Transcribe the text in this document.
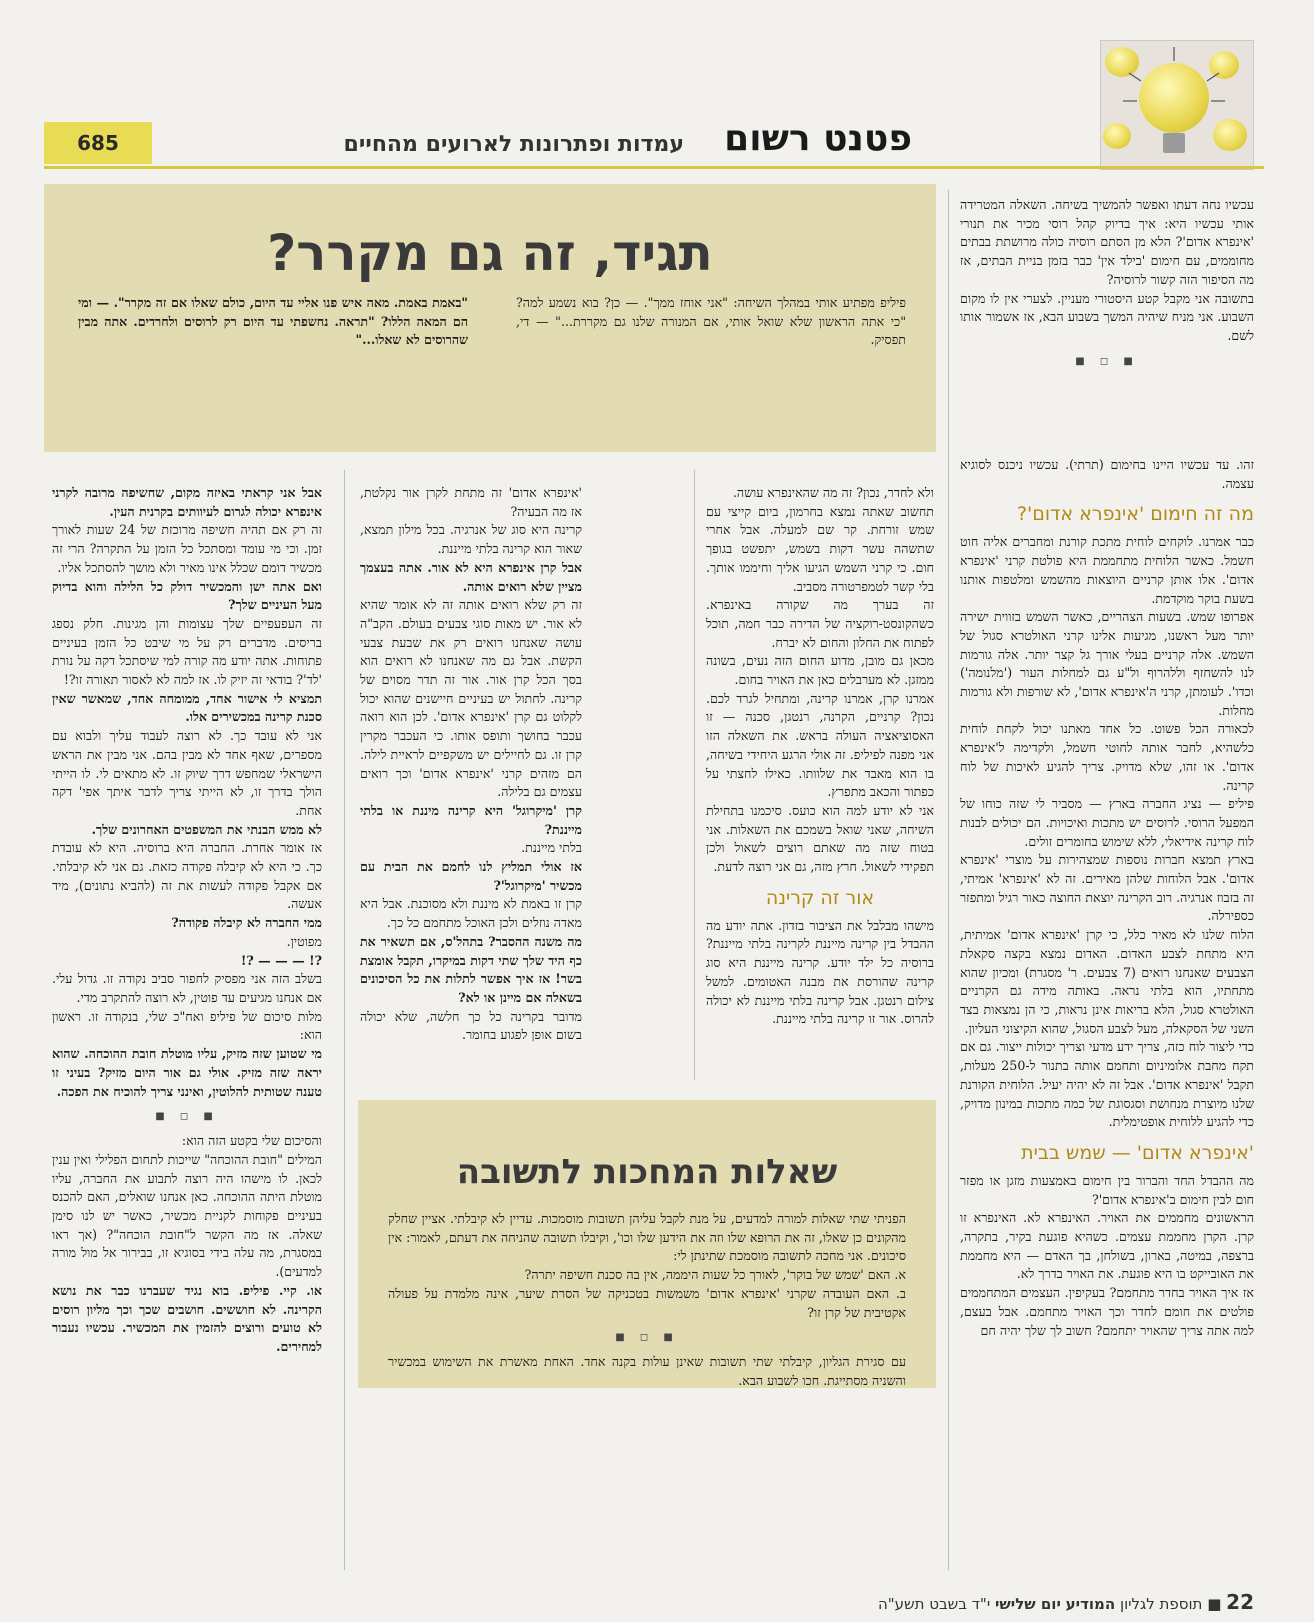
685	פטנט רשום
עמדות ופתרונות לארועים מהחיים
תגיד, זה גם מקרר?

פיליפ מפתיע אותי במהלך השיחה: "אני אוחז ממך". — כן? בוא נשמע למה? "כי אתה הראשון שלא שואל אותי, אם המנורה שלנו גם מקררת..." — די, תפסיק.

"באמת באמת. מאה איש פנו אליי עד היום, כולם שאלו אם זה מקרר". — ומי הם המאה הללו? "תראה. נחשפתי עד היום רק לרוסים ולחרדים. אתה מבין שהרוסים לא שאלו..."

עכשיו נחה דעתו ואפשר להמשיך בשיחה. השאלה המטרידה אותי עכשיו היא: איך בדיוק קהל רוסי מכיר את תנורי 'אינפרא אדום'? הלא מן הסתם רוסיה כולה מרושתת בבתים מחוממים, עם חימום 'בילד אין' כבר בזמן בניית הבתים, אז מה הסיפור הזה קשור לרוסיה?

בתשובה אני מקבל קטע היסטורי מעניין. לצערי אין לו מקום השבוע. אני מניח שיהיה המשך בשבוע הבא, אז אשמור אותו לשם.

■ ◻ ■

זהו. עד עכשיו היינו בחימום (תרתי). עכשיו ניכנס לסוגיא עצמה.

מה זה חימום 'אינפרא אדום'?

כבר אמרנו. לוקחים לוחית מתכת קורנת ומחברים אליה חוט חשמל. כאשר הלוחית מתחממת היא פולטת קרני 'אינפרא אדום'. אלו אותן קרניים היוצאות מהשמש ומלטפות אותנו בשעת בוקר מוקדמת.

אפרופו שמש. בשעות הצהריים, כאשר השמש בזווית ישירה יותר מעל ראשנו, מגיעות אלינו קרני האולטרא סגול של השמש. אלה קרניים בעלי אורך גל קצר יותר. אלה גורמות לנו להשחזף וללהרוף ול"ע גם למחלות העור ('מלנומה') וכדו'. לעומתן, קרני ה'אינפרא אדום', לא שורפות ולא גורמות מחלות.

לכאורה הכל פשוט. כל אחד מאתנו יכול לקחת לוחית כלשהיא, לחבר אותה לחוטי חשמל, ולקדימה ל'אינפרא אדום'. או זהו, שלא מדויק. צריך להגיע לאיכות של לוח קרינה.

פיליפ — נציג החברה בארץ — מסביר לי שזה כוחו של המפעל הרוסי. לרוסים יש מתכות ואיכויות. הם יכולים לבנות לוח קרינה אידיאלי, ללא שימוש בחומרים זולים.

בארץ תמצא חברות נוספות שמצהירות על מוצרי 'אינפרא אדום'. אבל הלוחות שלהן מאירים. זה לא 'אינפרא' אמיתי, זה בזבוז אנרגיה. רוב הקרינה יוצאת החוצה כאור רגיל ומתפזר כספירלה.

הלוח שלנו לא מאיר כלל, כי קרן 'אינפרא אדום' אמיתית, היא מתחת לצבע האדום. האדום נמצא בקצה סקאלת הצבעים שאנחנו רואים (7 צבעים. ר' מסגרת) ומכיון שהוא מתחתיו, הוא בלתי נראה. באותה מידה גם הקרניים האולטרא סגול, הלא בריאות אינן נראות, כי הן נמצאות בצד השני של הסקאלה, מעל לצבע הסגול, שהוא הקיצוני העליון.

כדי ליצור לוח כזה, צריך ידע מדעי וצריך יכולות ייצור. גם אם תקח מחבת אלומיניום ותחמם אותה בתנור ל-250 מעלות, תקבל 'אינפרא אדום'. אבל זה לא יהיה יעיל. הלוחית הקורנת שלנו מיוצרת מנחושת וסגסוגת של כמה מתכות במינון מדויק, כדי להגיע ללוחית אופטימלית.

'אינפרא אדום' — שמש בבית

מה ההבדל החד והברור בין חימום באמצעות מזגן או מפזר חום לבין חימום ב'אינפרא אדום'?

הראשונים מחממים את האויר. האינפרא לא. האינפרא זו קרן. הקרן מחממת עצמים. כשהיא פוגעת בקיר, בתקרה, ברצפה, במיטה, בארון, בשולחן, בך האדם — היא מחממת את האובייקט בו היא פוגעת. את האויר בדרך לא.

אז איך האויר בחדר מתחמם? בעקיפין. העצמים המתחממים פולטים את חומם לחדר וכך האויר מתחמם. אבל בעצם, למה אתה צריך שהאויר יתחמם? חשוב לך שלך יהיה חם

ולא לחדר, נכון? זה מה שהאינפרא עושה.

תחשוב שאתה נמצא בחרמון, ביום קייצי עם שמש זורחת. קר שם למעלה. אבל אחרי שתשהה עשר דקות בשמש, יתפשט בגופך חום. כי קרני השמש הגיעו אליך וחיממו אותך. בלי קשר לטמפרטורה מסביב.

זה בערך מה שקורה באינפרא. כשהקונסט-רוקציה של הדירה כבר חמה, תוכל לפתוח את החלון והחום לא יברח.

מכאן גם מובן, מדוע החום הזה נעים, בשונה ממזגן. לא מערבלים כאן את האויר בחום.

אמרנו קרן, אמרנו קרינה, ומתחיל לגרד לכם. נכון? קרניים, הקרנה, רנטגן, סכנה — זו האסוציאציה העולה בראש. את השאלה הזו אני מפנה לפיליפ. זה אולי הרגע היחידי בשיחה, בו הוא מאבד את שלוותו. כאילו לחצתי על כפתור והכאב מתפרץ.

אני לא יודע למה הוא כועס. סיכמנו בתחילת השיחה, שאני שואל בשמכם את השאלות. אני בטוח שזה מה שאתם רוצים לשאול ולכן תפקידי לשאול. חרץ מזה, גם אני רוצה לדעת.

אור זה קרינה

מישהו מבלבל את הציבור בזדון. אתה יודע מה ההבדל בין קרינה מייננת לקרינה בלתי מייננת? ברוסיה כל ילד יודע. קרינה מייננת היא סוג קרינה שהורסת את מבנה האטומים. למשל צילום רנטגן. אבל קרינה בלתי מייננת לא יכולה להרוס. אור זו קרינה בלתי מייננת.

'אינפרא אדום' זה מתחת לקרן אור נקלטת, אז מה הבעיה?

קרינה היא סוג של אנרגיה. בכל מילון תמצא, שאור הוא קרינה בלתי מייננת.

אבל קרן אינפרא היא לא אור. אתה בעצמך מציין שלא רואים אותה.

זה רק שלא רואים אותה זה לא אומר שהיא לא אור. יש מאות סוגי צבעים בעולם. הקב"ה עושה שאנחנו רואים רק את שבעת צבעי הקשת. אבל גם מה שאנחנו לא רואים הוא בסך הכל קרן אור. אור זה תדר מסוים של קרינה. לחתול יש בעיניים חיישנים שהוא יכול לקלוט גם קרן 'אינפרא אדום'. לכן הוא רואה עכבר בחושך ותופס אותו. כי העכבר מקרין קרן זו. גם לחיילים יש משקפיים לראיית לילה. הם מזהים קרני 'אינפרא אדום' וכך רואים עצמים גם בלילה.

קרן 'מיקרוגל' היא קרינה מיננת או בלתי מייננת?

בלתי מייננת.

אז אולי תמליץ לנו לחמם את הבית עם מכשיר 'מיקרוגל'?

קרן זו באמת לא מיננת ולא מסוכנת. אבל היא מאדה נוזלים ולכן האוכל מתחמם כל כך.

מה משנה ההסבר? בתהל'ס, אם תשאיר את כף היד שלך שתי דקות במיקרו, תקבל אומצת בשר! אז איך אפשר לתלות את כל הסיכונים בשאלה אם מיינן או לא?

מדובר בקרינה כל כך חלשה, שלא יכולה בשום אופן לפגוע בחומר.

אבל אני קראתי באיזה מקום, שחשיפה מרובה לקרני אינפרא יכולה לגרום לעיוותים בקרנית העין.

זה רק אם תהיה חשיפה מרוכזת של 24 שעות לאורך זמן. וכי מי עומד ומסתכל כל הזמן על התקרה? הרי זה מכשיר דומם שכלל אינו מאיר ולא מושך להסתכל אליו.

ואם אתה ישן והמכשיר דולק כל הלילה והוא בדיוק מעל העיניים שלך?

זה העפעפיים שלך עצומות והן מגינות. חלק נספג בריסים. מדברים רק על מי שיבט כל הזמן בעיניים פתוחות. אתה יודע מה קורה למי שיסתכל דקה על נורת 'לד'? בודאי זה יזיק לו. אז למה לא לאסור תאורה זו?!

תמציא לי אישור אחד, ממומחה אחד, שמאשר שאין סכנת קרינה במכשירים אלו.

אני לא עובד כך. לא רוצה לעבוד עליך ולבוא עם מספרים, שאף אחד לא מבין בהם. אני מבין את הראש הישראלי שמחפש דרך שיוק זו. לא מתאים לי. לו הייתי הולך בדרך זו, לא הייתי צריך לדבר איתך אפי' דקה אחת.

לא ממש הבנתי את המשפטים האחרונים שלך.

אז אומר אחרת. החברה היא ברוסיה. היא לא עובדת כך. כי היא לא קיבלה פקודה כזאת. גם אני לא קיבלתי. אם אקבל פקודה לעשות את זה (להביא נתונים), מיד אעשה.

ממי החברה לא קיבלה פקודה?

מפוטין.

?! — — — ?!

בשלב הזה אני מפסיק לחפור סביב נקודה זו. גדול עלי. אם אנחנו מגיעים עד פוטין, לא רוצה להתקרב מדי.

מלות סיכום של פיליפ ואח"כ שלי, בנקודה זו. ראשון הוא:

מי שטוען שזה מזיק, עליו מוטלת חובת ההוכחה. שהוא יראה שזה מזיק. אולי גם אור היום מזיק? בעיני זו טענה שטותית להלוטין, ואינני צריך להוכיח את הפכה.

■ ◻ ■

והסיכום שלי בקטע הזה הוא:

המילים "חובת ההוכחה" שייכות לתחום הפלילי ואין ענין לכאן. לו מישהו היה רוצה לתבוע את החברה, עליו מוטלת היתה ההוכחה. כאן אנחנו שואלים, האם להכנס בעיניים פקוחות לקניית מכשיר, כאשר יש לנו סימן שאלה. אז מה הקשר ל"חובת הוכחה"? (אך ראו במסגרת, מה עלה בידי בסוגיא זו, בבירור אל מול מורה למדעים).

או. קיי. פיליפ. בוא נגיד שעברנו כבר את נושא הקרינה. לא חוששים. חושבים שכך וכך מליון רוסים לא טועים ורוצים להזמין את המכשיר. עכשיו נעבור למחירים.

שאלות המחכות לתשובה

הפניתי שתי שאלות למורה למדעים, על מנת לקבל עליהן תשובות מוסמכות. עדיין לא קיבלתי. אציין שחלק מהקונים כן שאלו, זה את הרופא שלו וזה את הידען שלו וכו', וקיבלו תשובה שהניחה את דעתם, לאמור: אין סיכונים. אני מחכה לתשובה מוסמכת שתינתן לי:

א. האם 'שמש של בוקר', לאורך כל שעות היממה, אין בה סכנת חשיפה יתרה?

ב. האם העובדה שקרני 'אינפרא אדום' משמשות בטכניקה של הסרת שיער, אינה מלמדת על פעולה אקטיבית של קרן זו?

■ ◻ ■

עם סגירת הגליון, קיבלתי שתי תשובות שאינן עולות בקנה אחד. האחת מאשרת את השימוש במכשיר והשניה מסתייגת. חכו לשבוע הבא.

22 ■ תוספת לגליון המודיע יום שלישי י"ד בשבט תשע"ה
